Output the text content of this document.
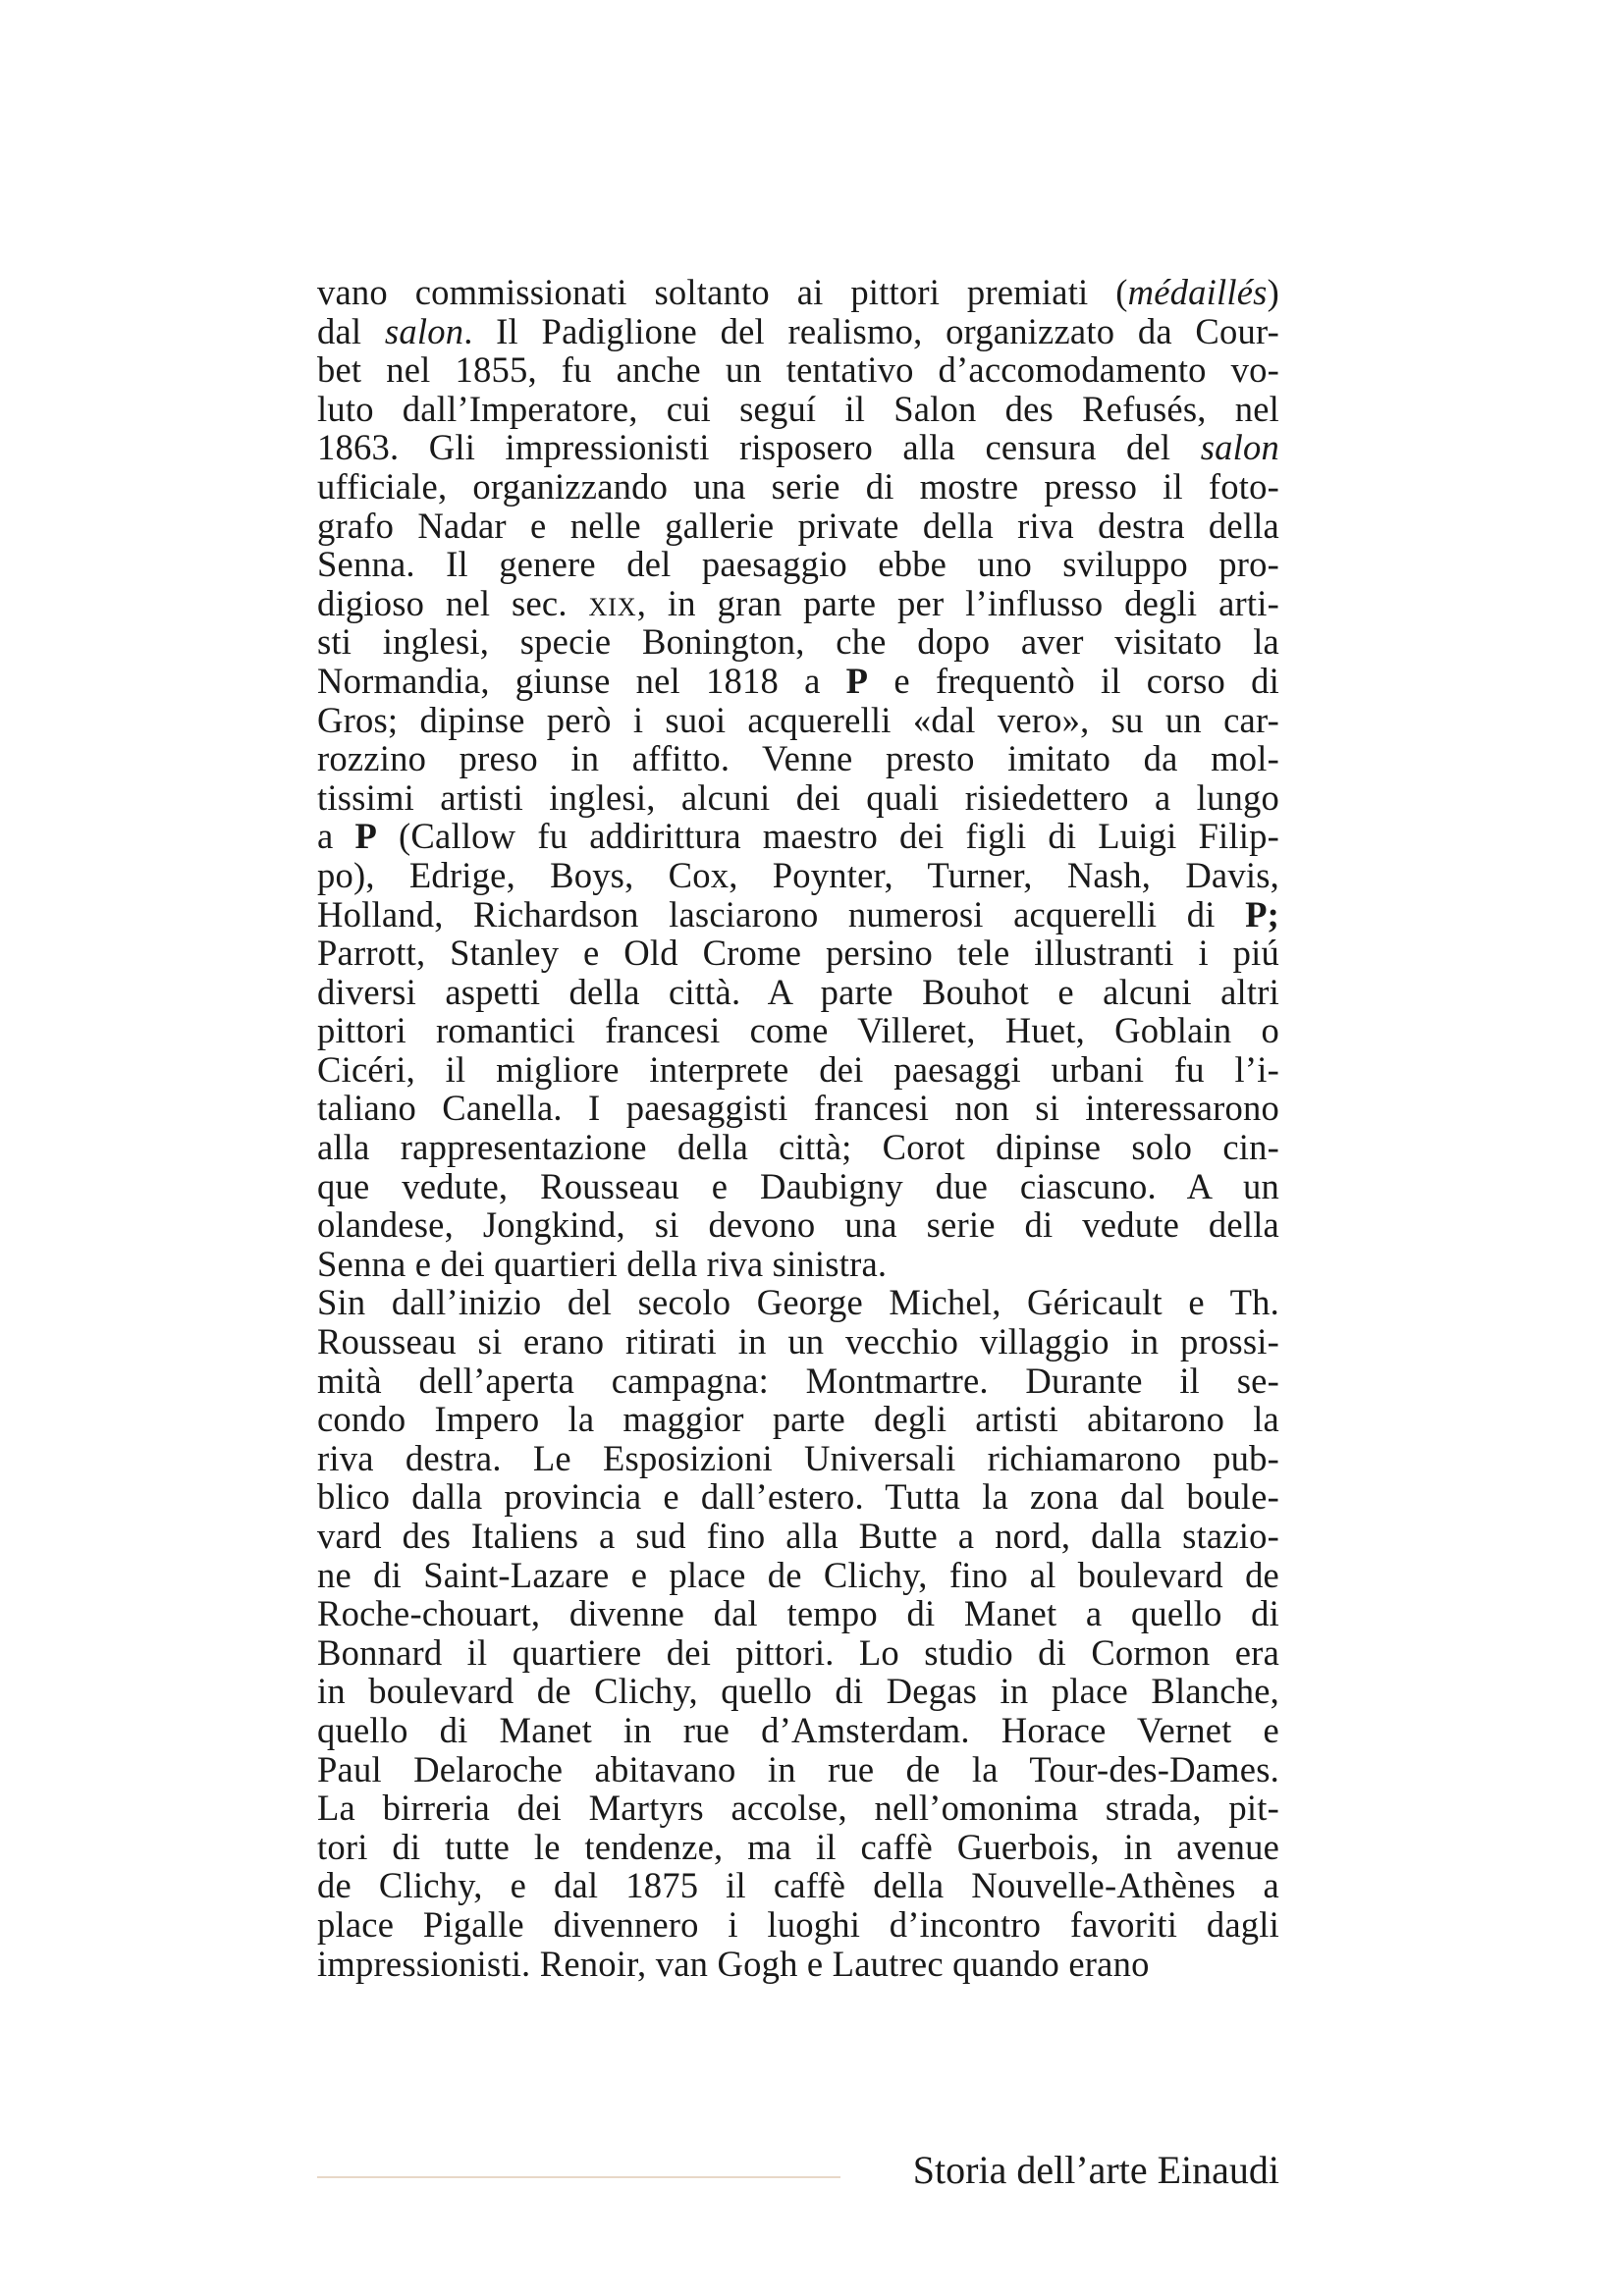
vano commissionati soltanto ai pittori premiati (médaillés)
dal salon. Il Padiglione del realismo, organizzato da Cour-
bet nel 1855, fu anche un tentativo d’accomodamento vo-
luto dall’Imperatore, cui seguí il Salon des Refusés, nel
1863. Gli impressionisti risposero alla censura del salon
ufficiale, organizzando una serie di mostre presso il foto-
grafo Nadar e nelle gallerie private della riva destra della
Senna. Il genere del paesaggio ebbe uno sviluppo pro-
digioso nel sec. xix, in gran parte per l’influsso degli arti-
sti inglesi, specie Bonington, che dopo aver visitato la
Normandia, giunse nel 1818 a P e frequentò il corso di
Gros; dipinse però i suoi acquerelli «dal vero», su un car-
rozzino preso in affitto. Venne presto imitato da mol-
tissimi artisti inglesi, alcuni dei quali risiedettero a lungo
a P (Callow fu addirittura maestro dei figli di Luigi Filip-
po), Edrige, Boys, Cox, Poynter, Turner, Nash, Davis,
Holland, Richardson lasciarono numerosi acquerelli di P;
Parrott, Stanley e Old Crome persino tele illustranti i piú
diversi aspetti della città. A parte Bouhot e alcuni altri
pittori romantici francesi come Villeret, Huet, Goblain o
Cicéri, il migliore interprete dei paesaggi urbani fu l’i-
taliano Canella. I paesaggisti francesi non si interessarono
alla rappresentazione della città; Corot dipinse solo cin-
que vedute, Rousseau e Daubigny due ciascuno. A un
olandese, Jongkind, si devono una serie di vedute della
Senna e dei quartieri della riva sinistra.
Sin dall’inizio del secolo George Michel, Géricault e Th.
Rousseau si erano ritirati in un vecchio villaggio in prossi-
mità dell’aperta campagna: Montmartre. Durante il se-
condo Impero la maggior parte degli artisti abitarono la
riva destra. Le Esposizioni Universali richiamarono pub-
blico dalla provincia e dall’estero. Tutta la zona dal boule-
vard des Italiens a sud fino alla Butte a nord, dalla stazio-
ne di Saint-Lazare e place de Clichy, fino al boulevard de
Roche-chouart, divenne dal tempo di Manet a quello di
Bonnard il quartiere dei pittori. Lo studio di Cormon era
in boulevard de Clichy, quello di Degas in place Blanche,
quello di Manet in rue d’Amsterdam. Horace Vernet e
Paul Delaroche abitavano in rue de la Tour-des-Dames.
La birreria dei Martyrs accolse, nell’omonima strada, pit-
tori di tutte le tendenze, ma il caffè Guerbois, in avenue
de Clichy, e dal 1875 il caffè della Nouvelle-Athènes a
place Pigalle divennero i luoghi d’incontro favoriti dagli
impressionisti. Renoir, van Gogh e Lautrec quando erano
Storia dell’arte Einaudi
